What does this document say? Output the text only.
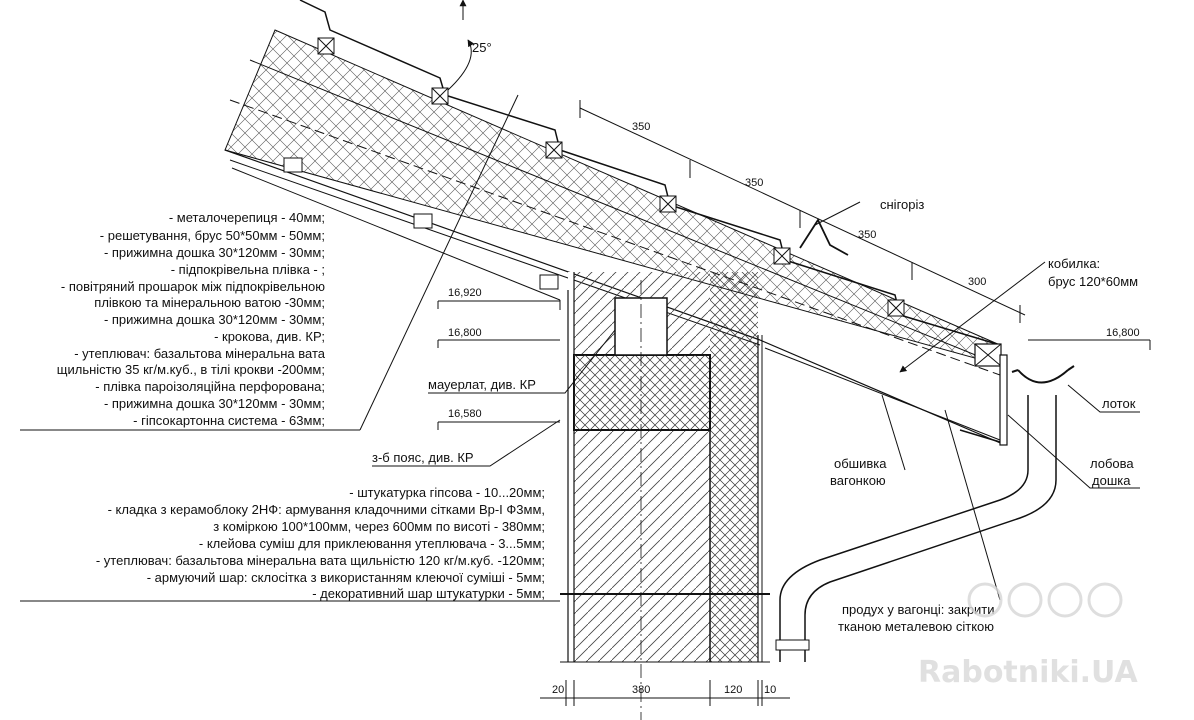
25°
350
350
350
300
16,920
16,800
16,580
16,800
- металочерепиця - 40мм;
- решетування, брус 50*50мм - 50мм;
- прижимна дошка 30*120мм - 30мм;
- підпокрівельна плівка - ;
- повітряний прошарок між підпокрівельною
плівкою та мінеральною ватою -30мм;
- прижимна дошка 30*120мм - 30мм;
- крокова, див. КР;
- утеплювач: базальтова мінеральна вата
щильністю 35 кг/м.куб., в тілі крокви -200мм;
- плівка пароізоляційна перфорована;
- прижимна дошка 30*120мм - 30мм;
- гіпсокартонна система - 63мм;
- штукатурка гіпсова - 10...20мм;
- кладка з керамоблоку 2НФ: армування кладочними сітками Вр-І Ф3мм,
з коміркою 100*100мм, через 600мм по висоті - 380мм;
- клейова суміш для приклеювання утеплювача - 3...5мм;
- утеплювач: базальтова мінеральна вата щильністю 120 кг/м.куб. -120мм;
- армуючий шар: склосітка з використанням клеючої суміші - 5мм;
- декоративний шар штукатурки - 5мм;
мауерлат, див. КР
з-б пояс, див. КР
снігоріз
кобилка:
брус 120*60мм
лоток
обшивка
вагонкою
лобова
дошка
продух у вагонці: закрити
тканою металевою сіткою
20	380	120 10	Rabotniki.UA
